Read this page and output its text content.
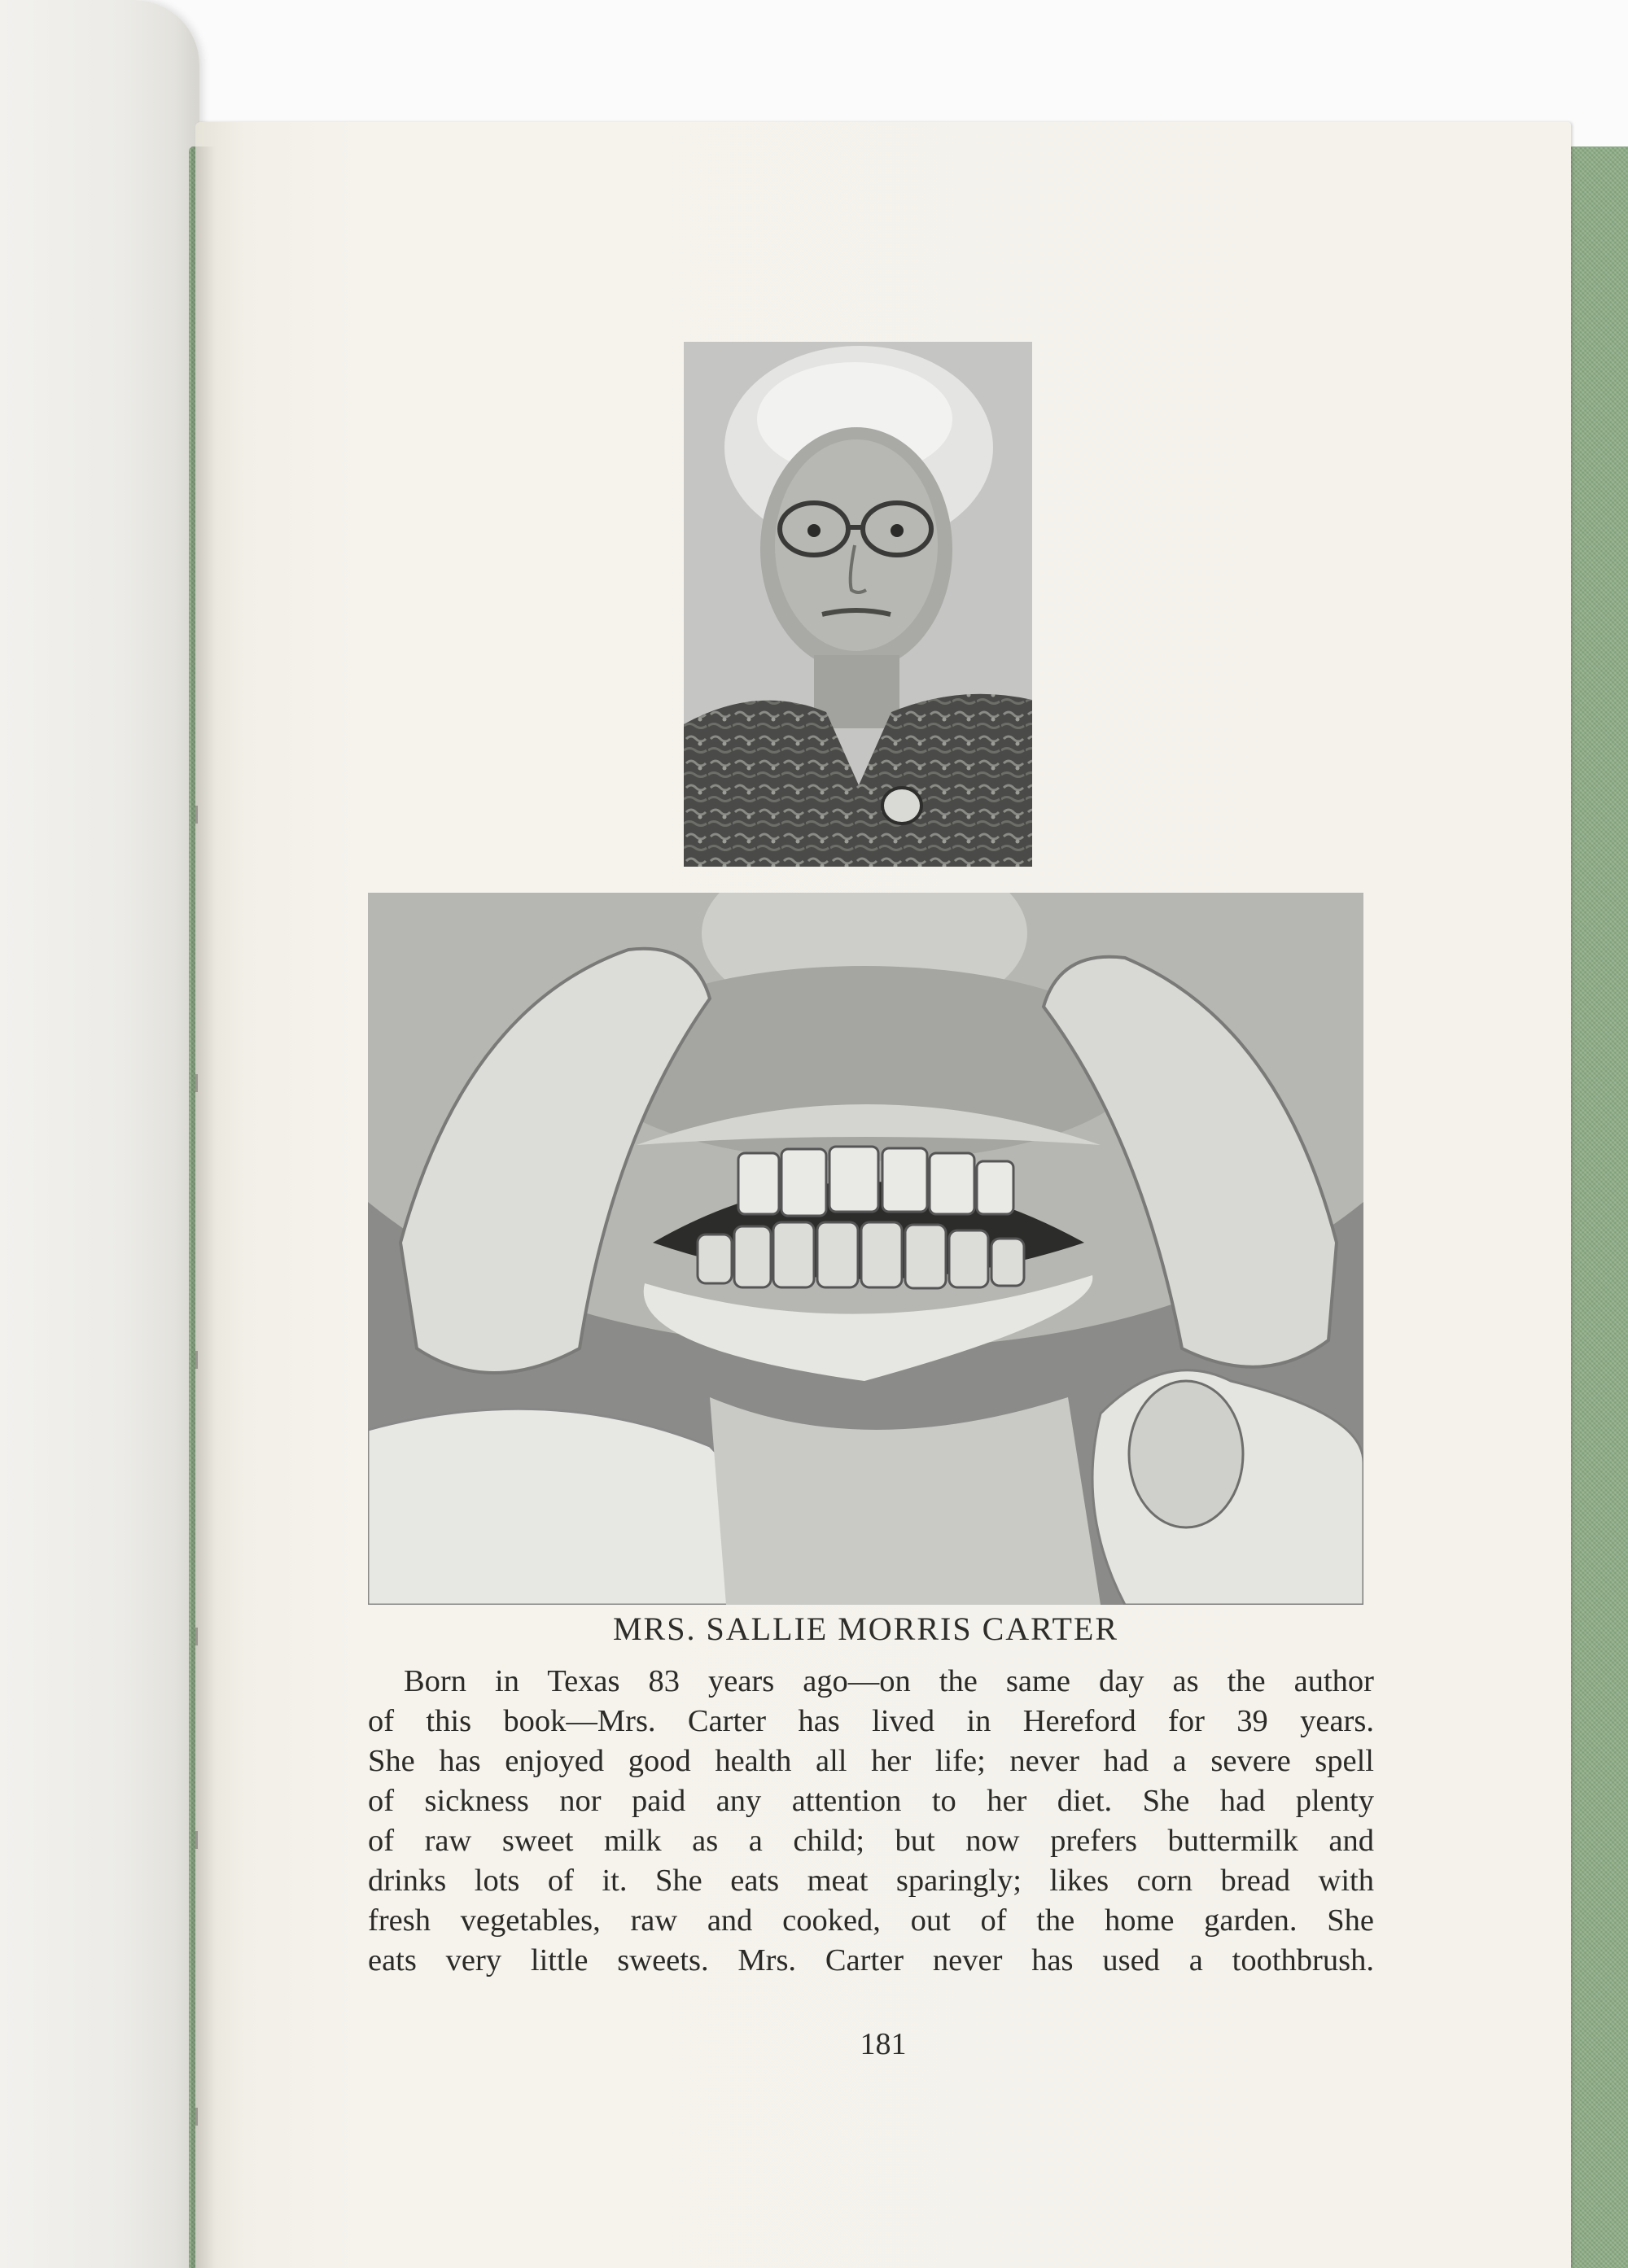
MRS. SALLIE MORRIS CARTER
Born in Texas 83 years ago—on the same day as the author
of this book—Mrs. Carter has lived in Hereford for 39 years.
She has enjoyed good health all her life; never had a severe spell
of sickness nor paid any attention to her diet. She had plenty
of raw sweet milk as a child; but now prefers buttermilk and
drinks lots of it. She eats meat sparingly; likes corn bread with
fresh vegetables, raw and cooked, out of the home garden. She
eats very little sweets. Mrs. Carter never has used a toothbrush.
181
